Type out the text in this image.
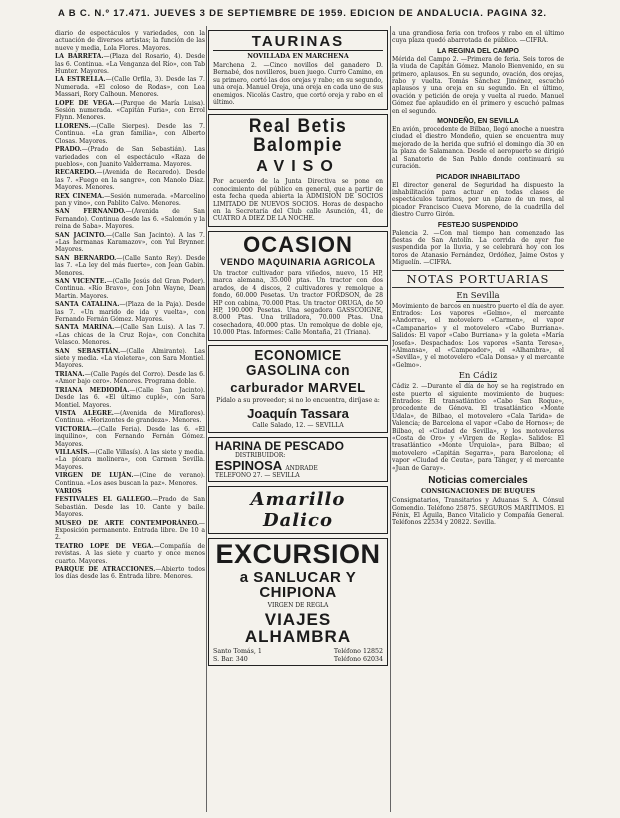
A B C. N.º 17.471. JUEVES 3 DE SEPTIEMBRE DE 1959. EDICION DE ANDALUCIA. PAGINA 32.

diario de espectáculos y variedades, con la actuación de diversos artistas; la función de las nueve y media, Lola Flores. Mayores.

LA BARRETA.—(Plaza del Rosario, 4). Desde las 6. Continua. «La Venganza del Río», con Tab Hunter. Mayores.

LA ESTRELLA.—(Calle Orfila, 3). Desde las 7. Numerada. «El coloso de Rodas», con Lea Massari, Rory Calhoun. Menores.

LOPE DE VEGA.—(Parque de María Luisa). Sesión numerada. «Capitán Furia», con Errol Flynn. Menores.

LLORENS.—(Calle Sierpes). Desde las 7. Continua. «La gran familia», con Alberto Closas. Mayores.

PRADO.—(Prado de San Sebastián). Las variedades con el espectáculo «Raza de pueblos», con Juanito Valderrama. Mayores.

RECAREDO.—(Avenida de Recaredo). Desde las 7. «Fuego en la sangre», con Manolo Díaz. Mayores. Menores.

REX CINEMA.—Sesión numerada. «Marcelino pan y vino», con Pablito Calvo. Menores.

SAN FERNANDO.—(Avenida de San Fernando). Continua desde las 6. «Salomón y la reina de Saba». Mayores.

SAN JACINTO.—(Calle San Jacinto). A las 7. «Las hermanas Karamazov», con Yul Brynner. Mayores.

SAN BERNARDO.—(Calle Santo Rey). Desde las 7. «La ley del más fuerte», con Jean Gabin. Menores.

SAN VICENTE.—(Calle Jesús del Gran Poder). Continua. «Río Bravo», con John Wayne, Dean Martin. Mayores.

SANTA CATALINA.—(Plaza de la Paja). Desde las 7. «Un marido de ida y vuelta», con Fernando Fernán Gómez. Mayores.

SANTA MARINA.—(Calle San Luis). A las 7. «Las chicas de la Cruz Roja», con Conchita Velasco. Menores.

SAN SEBASTIÁN.—(Calle Almirante). Las siete y media. «La violetera», con Sara Montiel. Mayores.

TRIANA.—(Calle Pagés del Corro). Desde las 6. «Amor bajo cero». Menores. Programa doble.

TRIANA MEDIODÍA.—(Calle San Jacinto). Desde las 6. «El último cuplé», con Sara Montiel. Mayores.

VISTA ALEGRE.—(Avenida de Miraflores). Continua. «Horizontes de grandeza». Menores.

VICTORIA.—(Calle Feria). Desde las 6. «El inquilino», con Fernando Fernán Gómez. Mayores.

VILLASÍS.—(Calle Villasís). A las siete y media. «La pícara molinera», con Carmen Sevilla. Mayores.

VIRGEN DE LUJÁN.—(Cine de verano). Continua. «Los ases buscan la paz». Menores.

VARIOS

FESTIVALES EL GALLEGO.—Prado de San Sebastián. Desde las 10. Cante y baile. Mayores.

MUSEO DE ARTE CONTEMPORÁNEO.—Exposición permanente. Entrada libre. De 10 a 2.

TEATRO LOPE DE VEGA.—Compañía de revistas. A las siete y cuarto y once menos cuarto. Mayores.

PARQUE DE ATRACCIONES.—Abierto todos los días desde las 6. Entrada libre. Menores.

TAURINAS
NOVILLADA EN MARCHENA

Marchena 2. —Cinco novillos del ganadero D. Bernabé, dos novilleros, buen juego. Curro Camino, en su primero, cortó las dos orejas y rabo; en su segundo, una oreja. Manuel Oreja, una oreja en cada uno de sus enemigos. Nicolás Castro, que cortó oreja y rabo en el último.

Real Betis Balompie
AVISO

Por acuerdo de la Junta Directiva se pone en conocimiento del público en general, que a partir de esta fecha queda abierta la ADMISION DE SOCIOS LIMITADO DE NUEVOS SOCIOS. Horas de despacho en la Secretaría del Club calle Asunción, 41, de CUATRO A DIEZ DE LA NOCHE.

OCASION
VENDO MAQUINARIA AGRICOLA

Un tractor cultivador para viñedos, nuevo, 15 HP, marca alemana, 35.000 ptas. Un tractor con dos arados, de 4 discos, 2 cultivadores y remolque a fondo, 60.000 Pesetas. Un tractor FORDSON, de 28 HP con cabina, 70.000 Ptas. Un tractor ORUGA, de 50 HP, 190.000 Pesetas. Una segadora GASSCOIGNE, 8.000 Ptas. Una trilladora, 70.000 Ptas. Una cosechadora, 40.000 ptas. Un remolque de doble eje, 10.000 Ptas. Informes: Calle Montaña, 21 (Triana).

ECONOMICE GASOLINA con
carburador MARVEL
Pídalo a su proveedor; si no lo encuentra, diríjase a:
Joaquín Tassara
Calle Salado, 12. — SEVILLA
HARINA DE PESCADO
DISTRIBUIDOR:
ESPINOSA ANDRADE
TELEFONO 27. — SEVILLA
Amarillo Dalico
EXCURSION
a SANLUCAR Y CHIPIONA
VIRGEN DE REGLA
VIAJES ALHAMBRA
Santo Tomás, 1	Teléfono 12852
S. Bar. 340	Teléfono 62034

a una grandiosa feria con trofeos y rabo en el último cuya plaza quedó abarrotada de público. —CIFRA.

LA REGINA DEL CAMPO

Mérida del Campo 2. —Primera de feria. Seis toros de la viuda de Capitán Gómez. Manolo Bienvenido, en su primero, aplausos. En su segundo, ovación, dos orejas, rabo y vuelta. Tomás Sánchez Jiménez, escuchó aplausos y una oreja en su segundo. En el último, ovación y petición de oreja y vuelta al ruedo. Manuel Gómez fue aplaudido en el primero y escuchó palmas en el segundo.

MONDEÑO, EN SEVILLA

En avión, procedente de Bilbao, llegó anoche a nuestra ciudad el diestro Mondeño, quien se encuentra muy mejorado de la herida que sufrió el domingo día 30 en la plaza de Salamanca. Desde el aeropuerto se dirigió al Sanatorio de San Pablo donde continuará su curación.

PICADOR INHABILITADO

El director general de Seguridad ha dispuesto la inhabilitación para actuar en todas clases de espectáculos taurinos, por un plazo de un mes, al picador Francisco Cueva Moreno, de la cuadrilla del diestro Curro Girón.

FESTEJO SUSPENDIDO

Palencia 2. —Con mal tiempo han comenzado las fiestas de San Antolín. La corrida de ayer fue suspendida por la lluvia, y se celebrará hoy con los toros de Atanasio Fernández, Ordóñez, Jaime Ostos y Miguelín. —CIFRA.

NOTAS PORTUARIAS
En Sevilla

Movimiento de barcos en nuestro puerto el día de ayer. Entrados: Los vapores «Gelmo», el mercante «Andorra», el motovelero «Carmen», el vapor «Campanario» y el motovelero «Cabo Burriana». Salidos: El vapor «Cabo Burriana» y la goleta «María Josefa». Despachados: Los vapores «Santa Teresa», «Almansa», el «Campeador», el «Alhambra», el «Sevilla», y el motovelero «Cala Donsa» y el mercante «Gelmo».

En Cádiz

Cádiz 2. —Durante el día de hoy se ha registrado en este puerto el siguiente movimiento de buques: Entrados: El transatlántico «Cabo San Roque», procedente de Génova. El trasatlántico «Monte Udala», de Bilbao, el motovelero «Cala Tarida» de Valencia; de Barcelona el vapor «Cabo de Hornos»; de Bilbao, el «Ciudad de Sevilla», y los motoveleros «Costa de Oro» y «Virgen de Regla». Salidos: El trasatlántico «Monte Urquiola», para Bilbao; el motovelero «Capitán Segarra», para Barcelona; el vapor «Ciudad de Ceuta», para Tánger, y el mercante «Juan de Garay».

Noticias comerciales
CONSIGNACIONES DE BUQUES

Consignatarios, Transitarios y Aduanas S. A. Cónsul Gomendio. Teléfono 25875. SEGUROS MARÍTIMOS. El Fénix, El Águila, Banco Vitalicio y Compañía General. Teléfonos 22534 y 20822. Sevilla.
